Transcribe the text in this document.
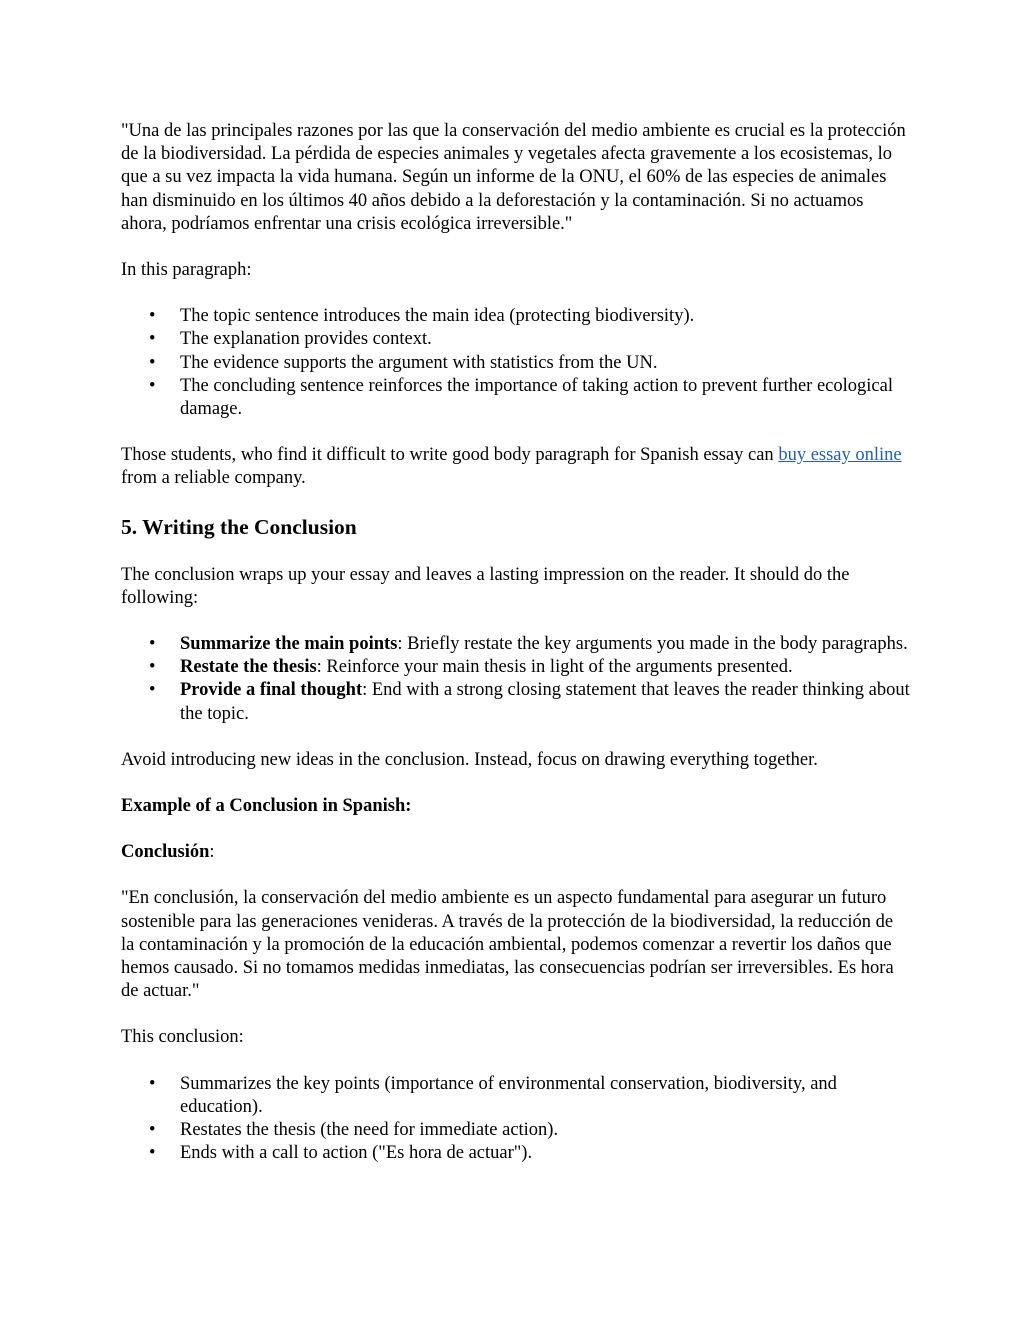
"Una de las principales razones por las que la conservación del medio ambiente es crucial es la protección de la biodiversidad. La pérdida de especies animales y vegetales afecta gravemente a los ecosistemas, lo que a su vez impacta la vida humana. Según un informe de la ONU, el 60% de las especies de animales han disminuido en los últimos 40 años debido a la deforestación y la contaminación. Si no actuamos ahora, podríamos enfrentar una crisis ecológica irreversible."

In this paragraph:

• The topic sentence introduces the main idea (protecting biodiversity).
• The explanation provides context.
• The evidence supports the argument with statistics from the UN.
• The concluding sentence reinforces the importance of taking action to prevent further ecological damage.

Those students, who find it difficult to write good body paragraph for Spanish essay can buy essay online from a reliable company.

5. Writing the Conclusion

The conclusion wraps up your essay and leaves a lasting impression on the reader. It should do the following:

• Summarize the main points: Briefly restate the key arguments you made in the body paragraphs.
• Restate the thesis: Reinforce your main thesis in light of the arguments presented.
• Provide a final thought: End with a strong closing statement that leaves the reader thinking about the topic.

Avoid introducing new ideas in the conclusion. Instead, focus on drawing everything together.

Example of a Conclusion in Spanish:

Conclusión:

"En conclusión, la conservación del medio ambiente es un aspecto fundamental para asegurar un futuro sostenible para las generaciones venideras. A través de la protección de la biodiversidad, la reducción de la contaminación y la promoción de la educación ambiental, podemos comenzar a revertir los daños que hemos causado. Si no tomamos medidas inmediatas, las consecuencias podrían ser irreversibles. Es hora de actuar."

This conclusion:

• Summarizes the key points (importance of environmental conservation, biodiversity, and education).
• Restates the thesis (the need for immediate action).
• Ends with a call to action ("Es hora de actuar").
